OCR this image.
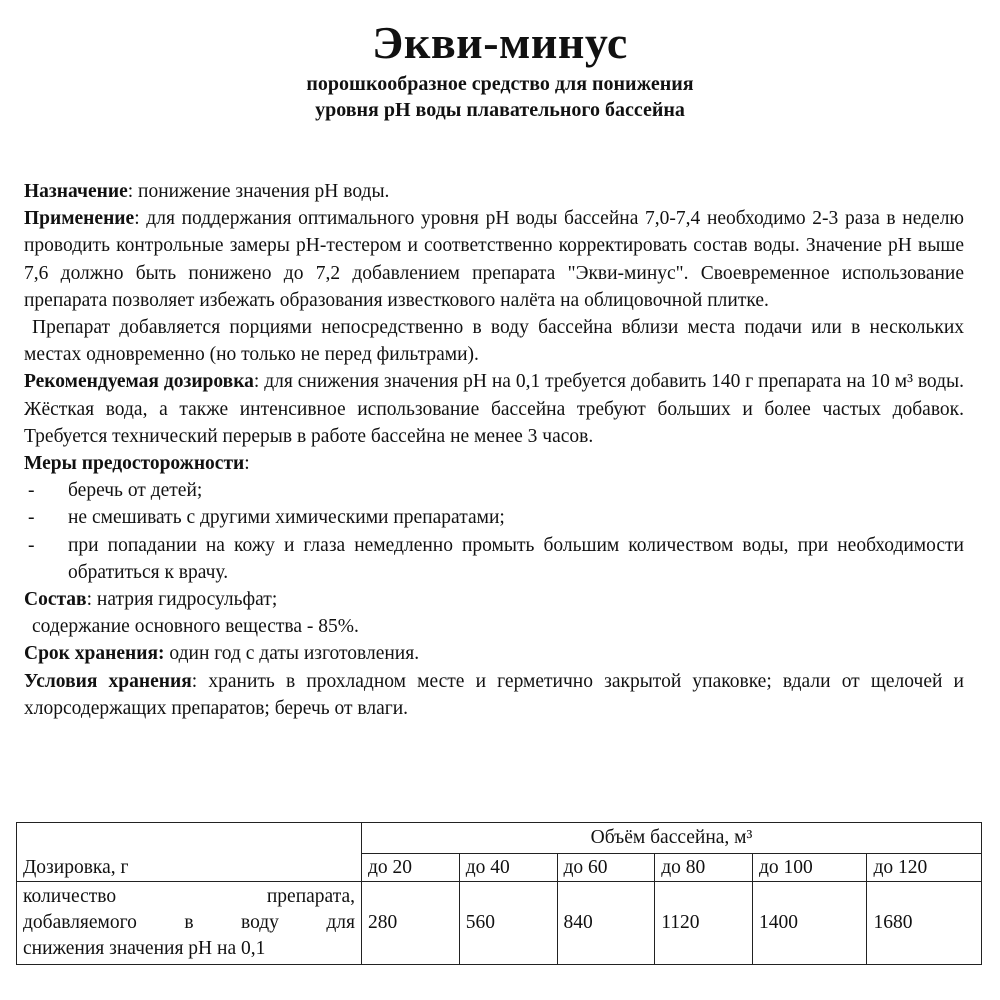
Экви-минус
порошкообразное средство для понижения
уровня рН воды плавательного бассейна

Назначение: понижение значения рН воды.

Применение: для поддержания оптимального уровня рН воды бассейна 7,0-7,4 необходимо 2-3 раза в неделю проводить контрольные замеры рН-тестером и соответственно корректировать состав воды. Значение рН выше 7,6 должно быть понижено до 7,2 добавлением препарата "Экви-минус". Своевременное использование препарата позволяет избежать образования известкового налёта на облицовочной плитке.

Препарат добавляется порциями непосредственно в воду бассейна вблизи места подачи или в нескольких местах одновременно (но только не перед фильтрами).

Рекомендуемая дозировка: для снижения значения рН на 0,1 требуется добавить 140 г препарата на 10 м³ воды. Жёсткая вода, а также интенсивное использование бассейна требуют больших и более частых добавок. Требуется технический перерыв в работе бассейна не менее 3 часов.

Меры предосторожности:

- беречь от детей;
- не смешивать с другими химическими препаратами;
- при попадании на кожу и глаза немедленно промыть большим количеством воды, при необходимости обратиться к врачу.

Состав: натрия гидросульфат;

содержание основного вещества - 85%.

Срок хранения: один год с даты изготовления.

Условия хранения: хранить в прохладном месте и герметично закрытой упаковке; вдали от щелочей и хлорсодержащих препаратов; беречь от влаги.

Дозировка, г	Объём бассейна, м³					
	до 20	до 40	до 60	до 80	до 100	до 120

количество препарата,
добавляемого в воду для
снижения значения рН на 0,1	280	560	840	1120	1400	1680
